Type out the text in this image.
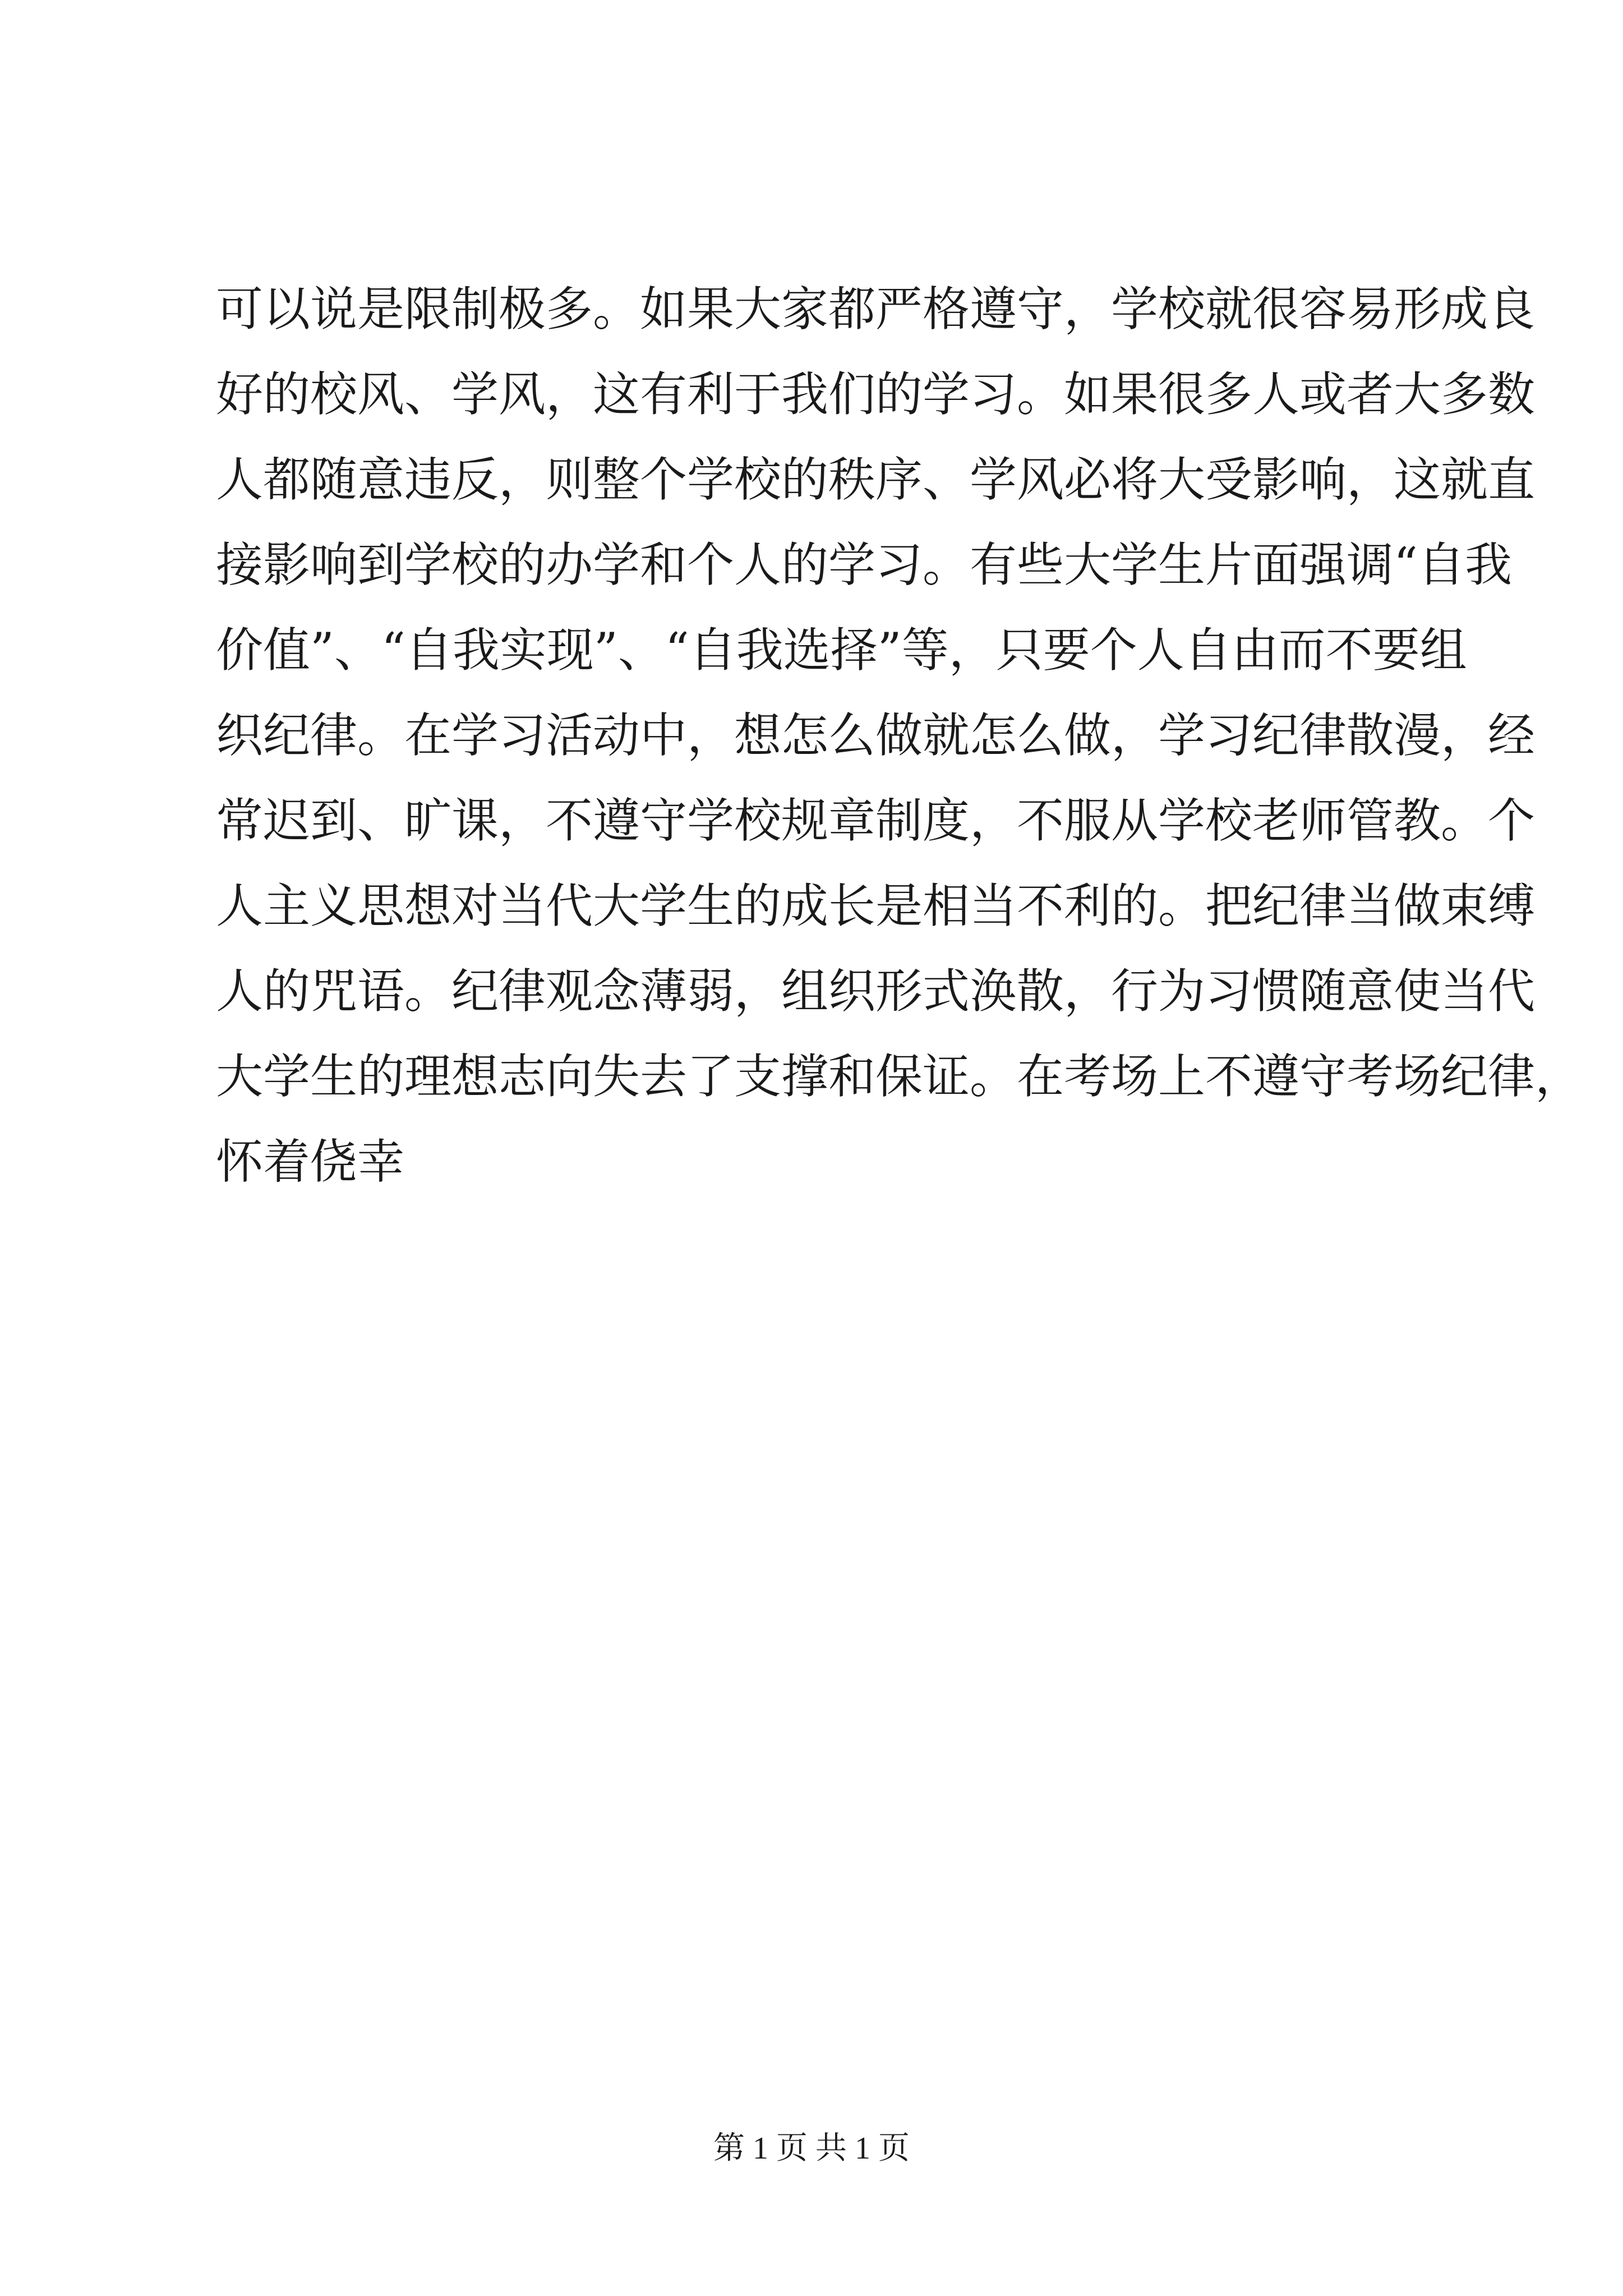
可以说是限制极多。如果大家都严格遵守，学校就很容易形成良
好的校风、学风，这有利于我们的学习。如果很多人或者大多数
人都随意违反，则整个学校的秩序、学风必将大受影响，这就直
接影响到学校的办学和个人的学习。有些大学生片面强调“自我
价值”、“自我实现”、“自我选择”等，只要个人自由而不要组
织纪律。在学习活动中，想怎么做就怎么做，学习纪律散漫，经
常迟到、旷课，不遵守学校规章制度，不服从学校老师管教。个
人主义思想对当代大学生的成长是相当不利的。把纪律当做束缚
人的咒语。纪律观念薄弱，组织形式涣散，行为习惯随意使当代
大学生的理想志向失去了支撑和保证。在考场上不遵守考场纪律，
怀着侥幸
第 1 页 共 1 页
